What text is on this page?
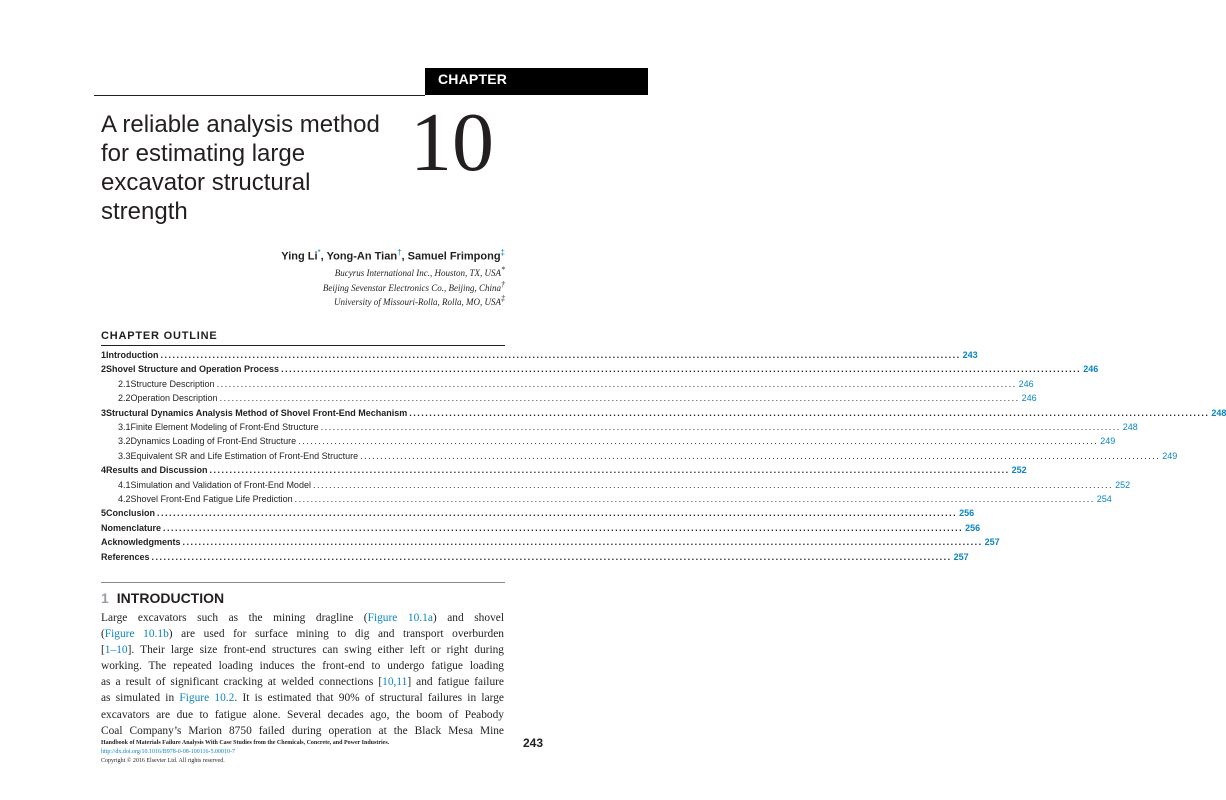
CHAPTER
A reliable analysis method
for estimating large
excavator structural
strength
10
Ying Li*, Yong-An Tian†, Samuel Frimpong‡
Bucyrus International Inc., Houston, TX, USA*
Beijing Sevenstar Electronics Co., Beijing, China†
University of Missouri-Rolla, Rolla, MO, USA‡
CHAPTER OUTLINE
1 Introduction ........................................................................................................................................................................................................ 243
2 Shovel Structure and Operation Process ........................................................................................................................................................................................................ 246
2.1 Structure Description ........................................................................................................................................................................................................ 246
2.2 Operation Description ........................................................................................................................................................................................................ 246
3 Structural Dynamics Analysis Method of Shovel Front-End Mechanism ........................................................................................................................................................................................................ 248
3.1 Finite Element Modeling of Front-End Structure ........................................................................................................................................................................................................ 248
3.2 Dynamics Loading of Front-End Structure ........................................................................................................................................................................................................ 249
3.3 Equivalent SR and Life Estimation of Front-End Structure ........................................................................................................................................................................................................ 249
4 Results and Discussion ........................................................................................................................................................................................................ 252
4.1 Simulation and Validation of Front-End Model ........................................................................................................................................................................................................ 252
4.2 Shovel Front-End Fatigue Life Prediction ........................................................................................................................................................................................................ 254
5 Conclusion ........................................................................................................................................................................................................ 256
Nomenclature ........................................................................................................................................................................................................ 256
Acknowledgments ........................................................................................................................................................................................................ 257
References ........................................................................................................................................................................................................ 257
1 INTRODUCTION
Large excavators such as the mining dragline (Figure 10.1a) and shovel
(Figure 10.1b) are used for surface mining to dig and transport overburden
[1–10]. Their large size front-end structures can swing either left or right during
working. The repeated loading induces the front-end to undergo fatigue loading
as a result of significant cracking at welded connections [10,11] and fatigue failure
as simulated in Figure 10.2. It is estimated that 90% of structural failures in large
excavators are due to fatigue alone. Several decades ago, the boom of Peabody
Coal Company’s Marion 8750 failed during operation at the Black Mesa Mine
Handbook of Materials Failure Analysis With Case Studies from the Chemicals, Concrete, and Power Industries.
http://dx.doi.org/10.1016/B978-0-08-100116-5.00010-7
Copyright © 2016 Elsevier Ltd. All rights reserved.
243
